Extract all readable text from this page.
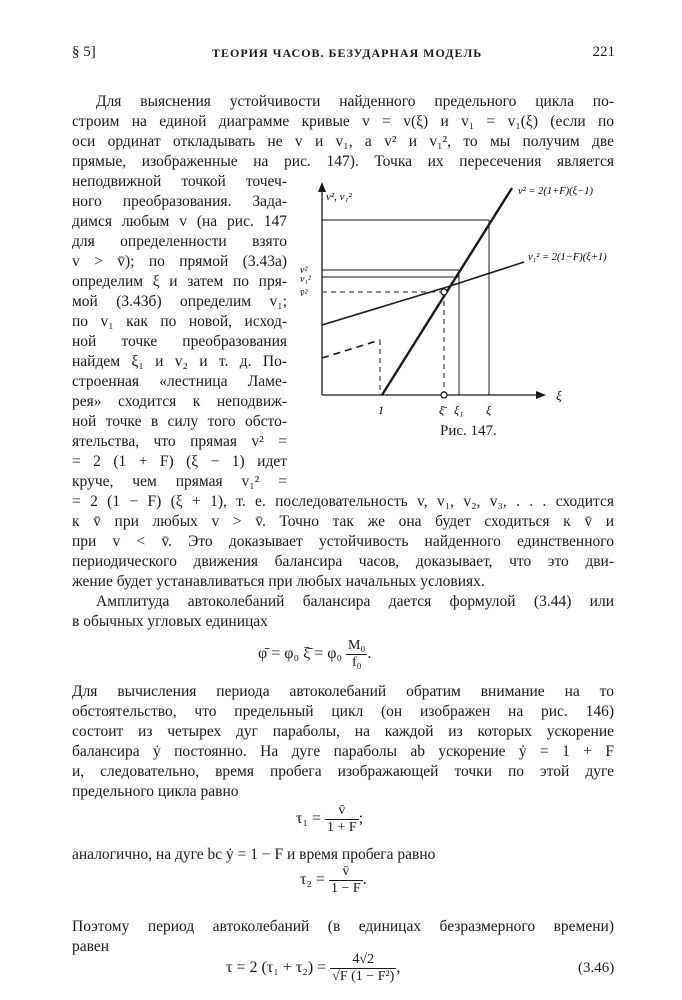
§ 5]	ТЕОРИЯ ЧАСОВ. БЕЗУДАРНАЯ МОДЕЛЬ	221
Для выяснения устойчивости найденного предельного цикла по-
строим на единой диаграмме кривые v = v(ξ) и v₁ = v₁(ξ) (если по
оси ординат откладывать не v и v₁, а v² и v₁², то мы получим две
прямые, изображенные на рис. 147). Точка их пересечения является
неподвижной точкой точеч-
ного преобразования. Зада-
димся любым v (на рис. 147
для определенности взято
v > v̄); по прямой (3.43а)
определим ξ и затем по пря-
мой (3.43б) определим v₁;
по v₁ как по новой, исход-
ной точке преобразования
найдем ξ₁ и v₂ и т. д. По-
строенная «лестница Ламе-
рея» сходится к неподвиж-
ной точке в силу того обсто-
ятельства, что прямая v² =
= 2 (1 + F) (ξ − 1) идет
круче, чем прямая v₁² =
v², v₁²
ξ
v² = 2(1+F)(ξ−1)
v₁² = 2(1−F)(ξ+1)
1	ξ̄ ξ₁ ξ
v²
v₁²
v̄²
Рис. 147.
= 2 (1 − F) (ξ + 1), т. е. последовательность v, v₁, v₂, v₃, . . . сходится
к v̄ при любых v > v̄. Точно так же она будет сходиться к v̄ и
при v < v̄. Это доказывает устойчивость найденного единственного
периодического движения балансира часов, доказывает, что это дви-
жение будет устанавливаться при любых начальных условиях.
Амплитуда автоколебаний балансира дается формулой (3.44) или
в обычных угловых единицах
φ̄ = φ₀ ξ̄ = $\varphi_0 \frac{\text{M₀}}{\text{f₀}}$ .
Для вычисления периода автоколебаний обратим внимание на то
обстоятельство, что предельный цикл (он изображен на рис. 146)
состоит из четырех дуг параболы, на каждой из которых ускорение
балансира ẏ постоянно. На дуге параболы ab ускорение ẏ = 1 + F
и, следовательно, время пробега изображающей точки по этой дуге
предельного цикла равно
$\tau_1 = \frac{v̄}{1 + F}$ ;
аналогично, на дуге bc ẏ = 1 − F и время пробега равно
$\tau_2 = \frac{v̄}{1 - F}$ .
Поэтому период автоколебаний (в единицах безразмерного времени)
равен
τ = 2 $(\tau_1 + \tau_2) = \frac{4√2}{\text{√F (1 − F²)}}$ ,	(3.46)
